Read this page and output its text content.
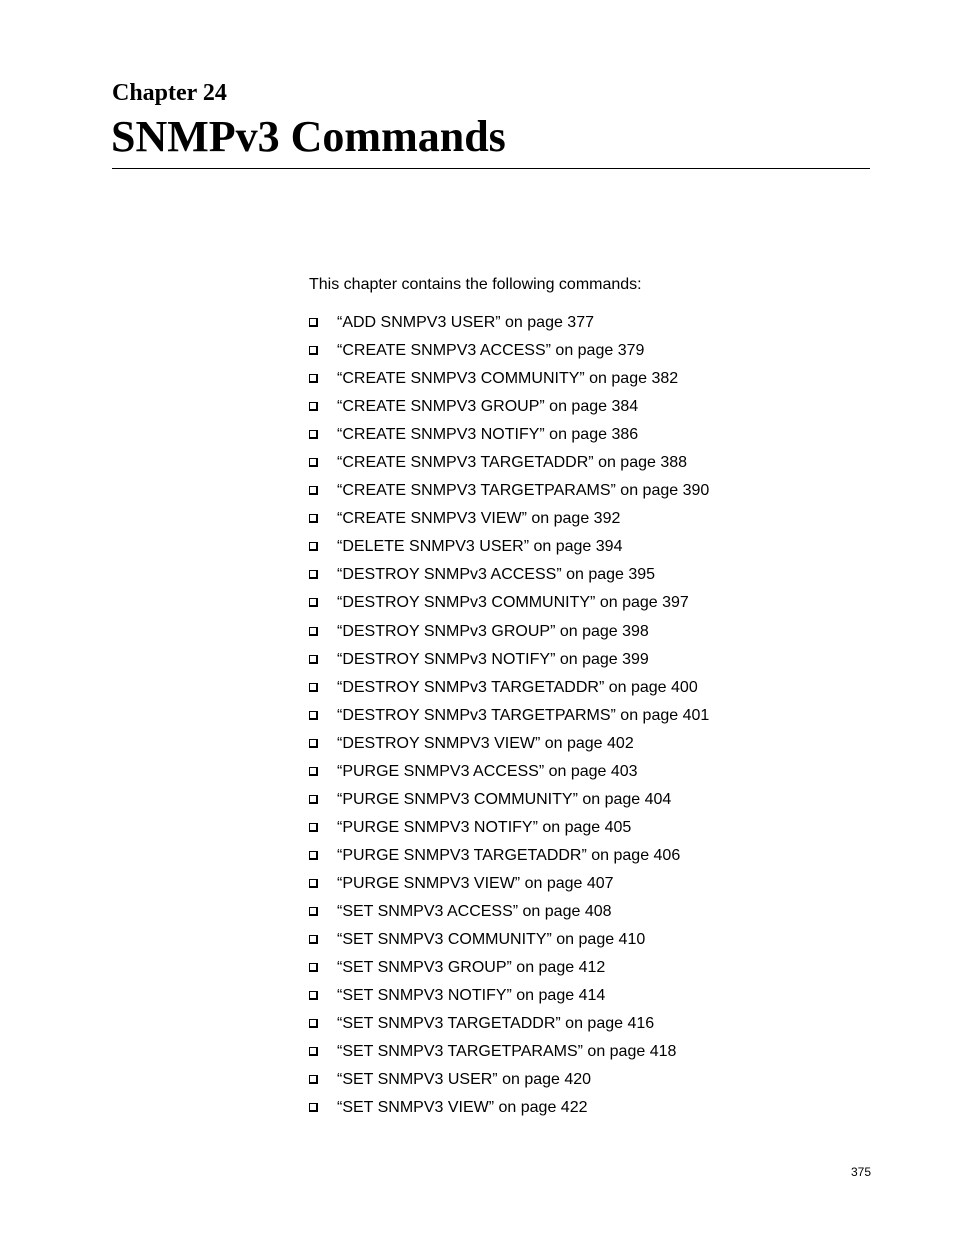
Chapter 24
SNMPv3 Commands

This chapter contains the following commands:

“ADD SNMPV3 USER” on page 377
“CREATE SNMPV3 ACCESS” on page 379
“CREATE SNMPV3 COMMUNITY” on page 382
“CREATE SNMPV3 GROUP” on page 384
“CREATE SNMPV3 NOTIFY” on page 386
“CREATE SNMPV3 TARGETADDR” on page 388
“CREATE SNMPV3 TARGETPARAMS” on page 390
“CREATE SNMPV3 VIEW” on page 392
“DELETE SNMPV3 USER” on page 394
“DESTROY SNMPv3 ACCESS” on page 395
“DESTROY SNMPv3 COMMUNITY” on page 397
“DESTROY SNMPv3 GROUP” on page 398
“DESTROY SNMPv3 NOTIFY” on page 399
“DESTROY SNMPv3 TARGETADDR” on page 400
“DESTROY SNMPv3 TARGETPARMS” on page 401
“DESTROY SNMPV3 VIEW” on page 402
“PURGE SNMPV3 ACCESS” on page 403
“PURGE SNMPV3 COMMUNITY” on page 404
“PURGE SNMPV3 NOTIFY” on page 405
“PURGE SNMPV3 TARGETADDR” on page 406
“PURGE SNMPV3 VIEW” on page 407
“SET SNMPV3 ACCESS” on page 408
“SET SNMPV3 COMMUNITY” on page 410
“SET SNMPV3 GROUP” on page 412
“SET SNMPV3 NOTIFY” on page 414
“SET SNMPV3 TARGETADDR” on page 416
“SET SNMPV3 TARGETPARAMS” on page 418
“SET SNMPV3 USER” on page 420
“SET SNMPV3 VIEW” on page 422

375
